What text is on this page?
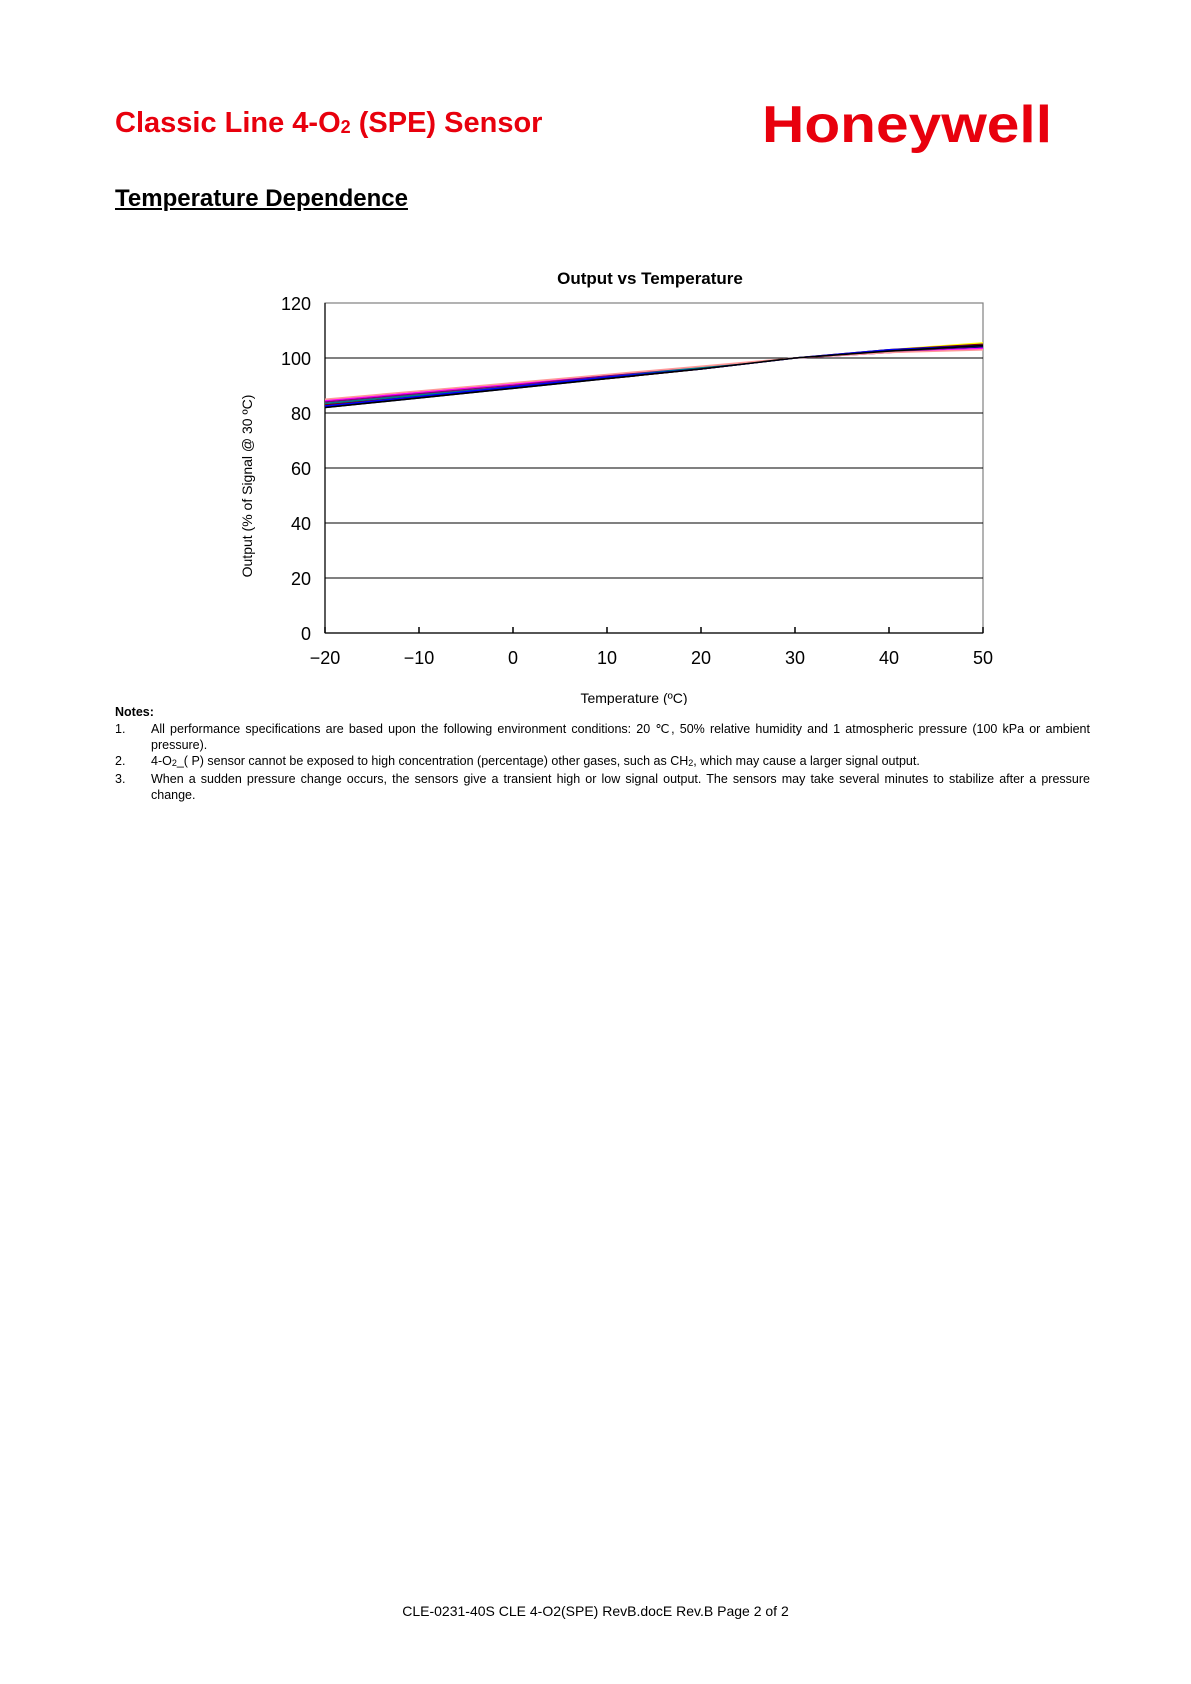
Classic Line $4-O_2$ (SPE) Sensor	Honeywell
Temperature Dependence
0
20
40
60
80
100
120
−20	−10	0	10	20	30	40	50
Output vs Temperature
Temperature (ºC)
Output (% of Signal @ 30 ºC)
Notes:
1.	All performance specifications are based upon the following environment conditions: 20 ℃, 50% relative humidity and 1 atmospheric pressure (100 kPa or ambient pressure).
2.	$4-O_2\_$( P) sensor cannot be exposed to high concentration (percentage) other gases, such as $CH_2$, which may cause a larger signal output.
3.	When a sudden pressure change occurs, the sensors give a transient high or low signal output. The sensors may take several minutes to stabilize after a pressure change.
CLE-0231-40S CLE 4-O2(SPE) RevB.docE Rev.B Page 2 of 2
